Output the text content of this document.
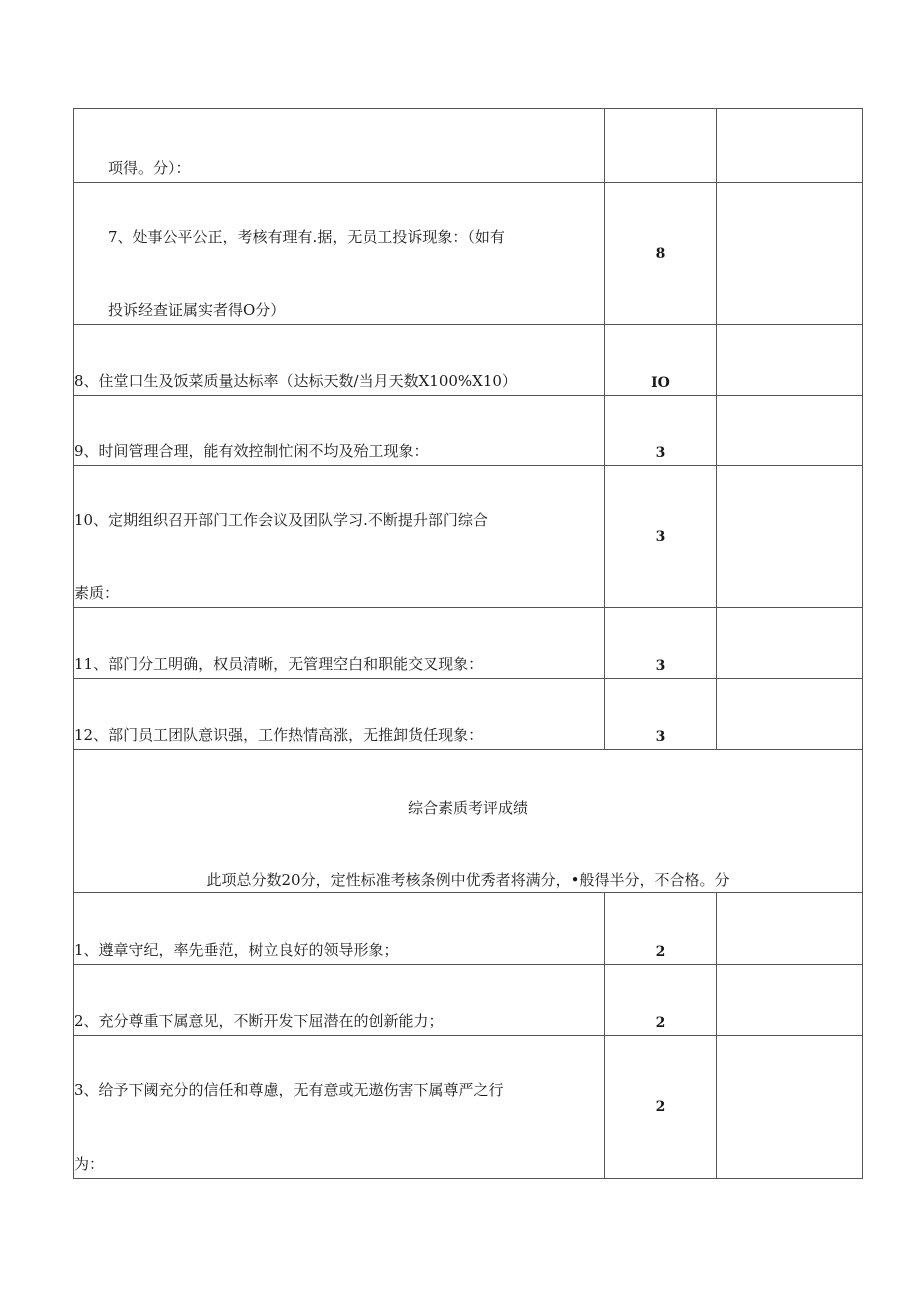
项得。分）：		

7、处事公平公正，考核有理有.据，无员工投诉现象：（如有
投诉经查证属实者得O分）	8	

8、住堂口生及饭菜质量达标率（达标天数/当月天数X100%X10）	IO	

9、时间管理合理，能有效控制忙闲不均及殆工现象：	3	

10、定期组织召开部门工作会议及团队学习.不断提升部门综合
素质：	3	

11、部门分工明确，权员清晰，无管理空白和职能交叉现象：	3	

12、部门员工团队意识强，工作热情高涨，无推卸货任现象：	3	

综合素质考评成绩
此项总分数20分，定性标准考核条例中优秀者将满分，•般得半分，不合格。分		

1、遵章守纪，率先垂范，树立良好的领导形象；	2	

2、充分尊重下属意见，不断开发下屈潜在的创新能力；	2	

3、给予下阈充分的信任和尊慮，无有意或无遨伤害下属尊严之行
为：	2	
